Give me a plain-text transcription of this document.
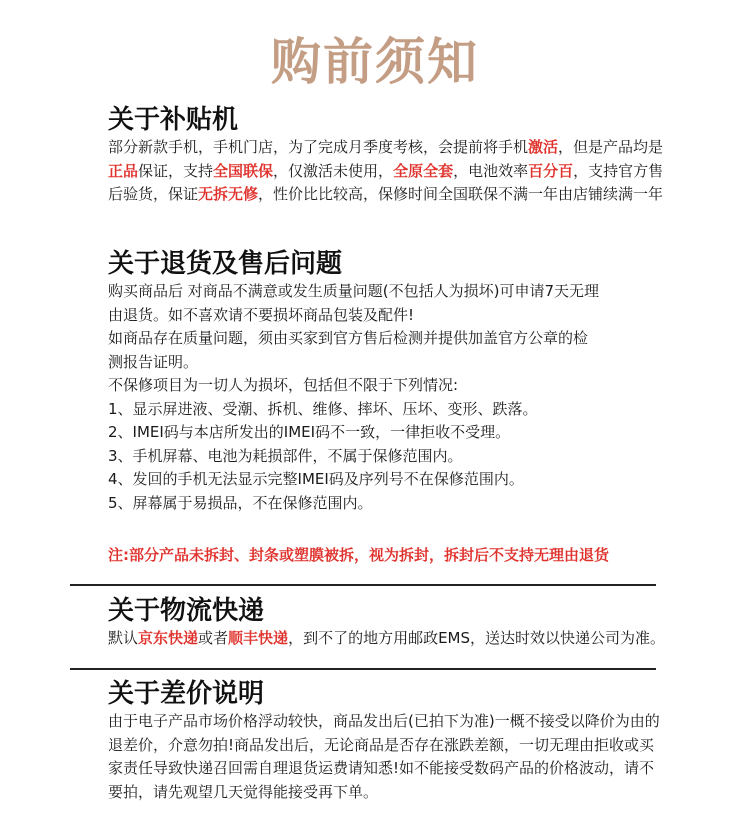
购前须知
关于补贴机

部分新款手机，手机门店，为了完成月季度考核，会提前将手机激活，但是产品均是正品保证，支持全国联保，仅激活未使用，全原全套，电池效率百分百，支持官方售后验货，保证无拆无修，性价比比较高，保修时间全国联保不满一年由店铺续满一年

关于退货及售后问题

购买商品后 对商品不满意或发生质量问题(不包括人为损坏)可申请7天无理
由退货。如不喜欢请不要损坏商品包装及配件!
如商品存在质量问题，须由买家到官方售后检测并提供加盖官方公章的检
测报告证明。
不保修项目为一切人为损坏，包括但不限于下列情况:
1、显示屏进液、受潮、拆机、维修、摔坏、压坏、变形、跌落。
2、IMEI码与本店所发出的IMEI码不一致，一律拒收不受理。
3、手机屏幕、电池为耗损部件，不属于保修范围内。
4、发回的手机无法显示完整IMEI码及序列号不在保修范围内。
5、屏幕属于易损品，不在保修范围内。

注:部分产品未拆封、封条或塑膜被拆，视为拆封，拆封后不支持无理由退货

关于物流快递

默认京东快递或者顺丰快递，到不了的地方用邮政EMS，送达时效以快递公司为准。

关于差价说明

由于电子产品市场价格浮动较快，商品发出后(已拍下为准)一概不接受以降价为由的退差价，介意勿拍!商品发出后，无论商品是否存在涨跌差额，一切无理由拒收或买家责任导致快递召回需自理退货运费请知悉!如不能接受数码产品的价格波动，请不要拍，请先观望几天觉得能接受再下单。
